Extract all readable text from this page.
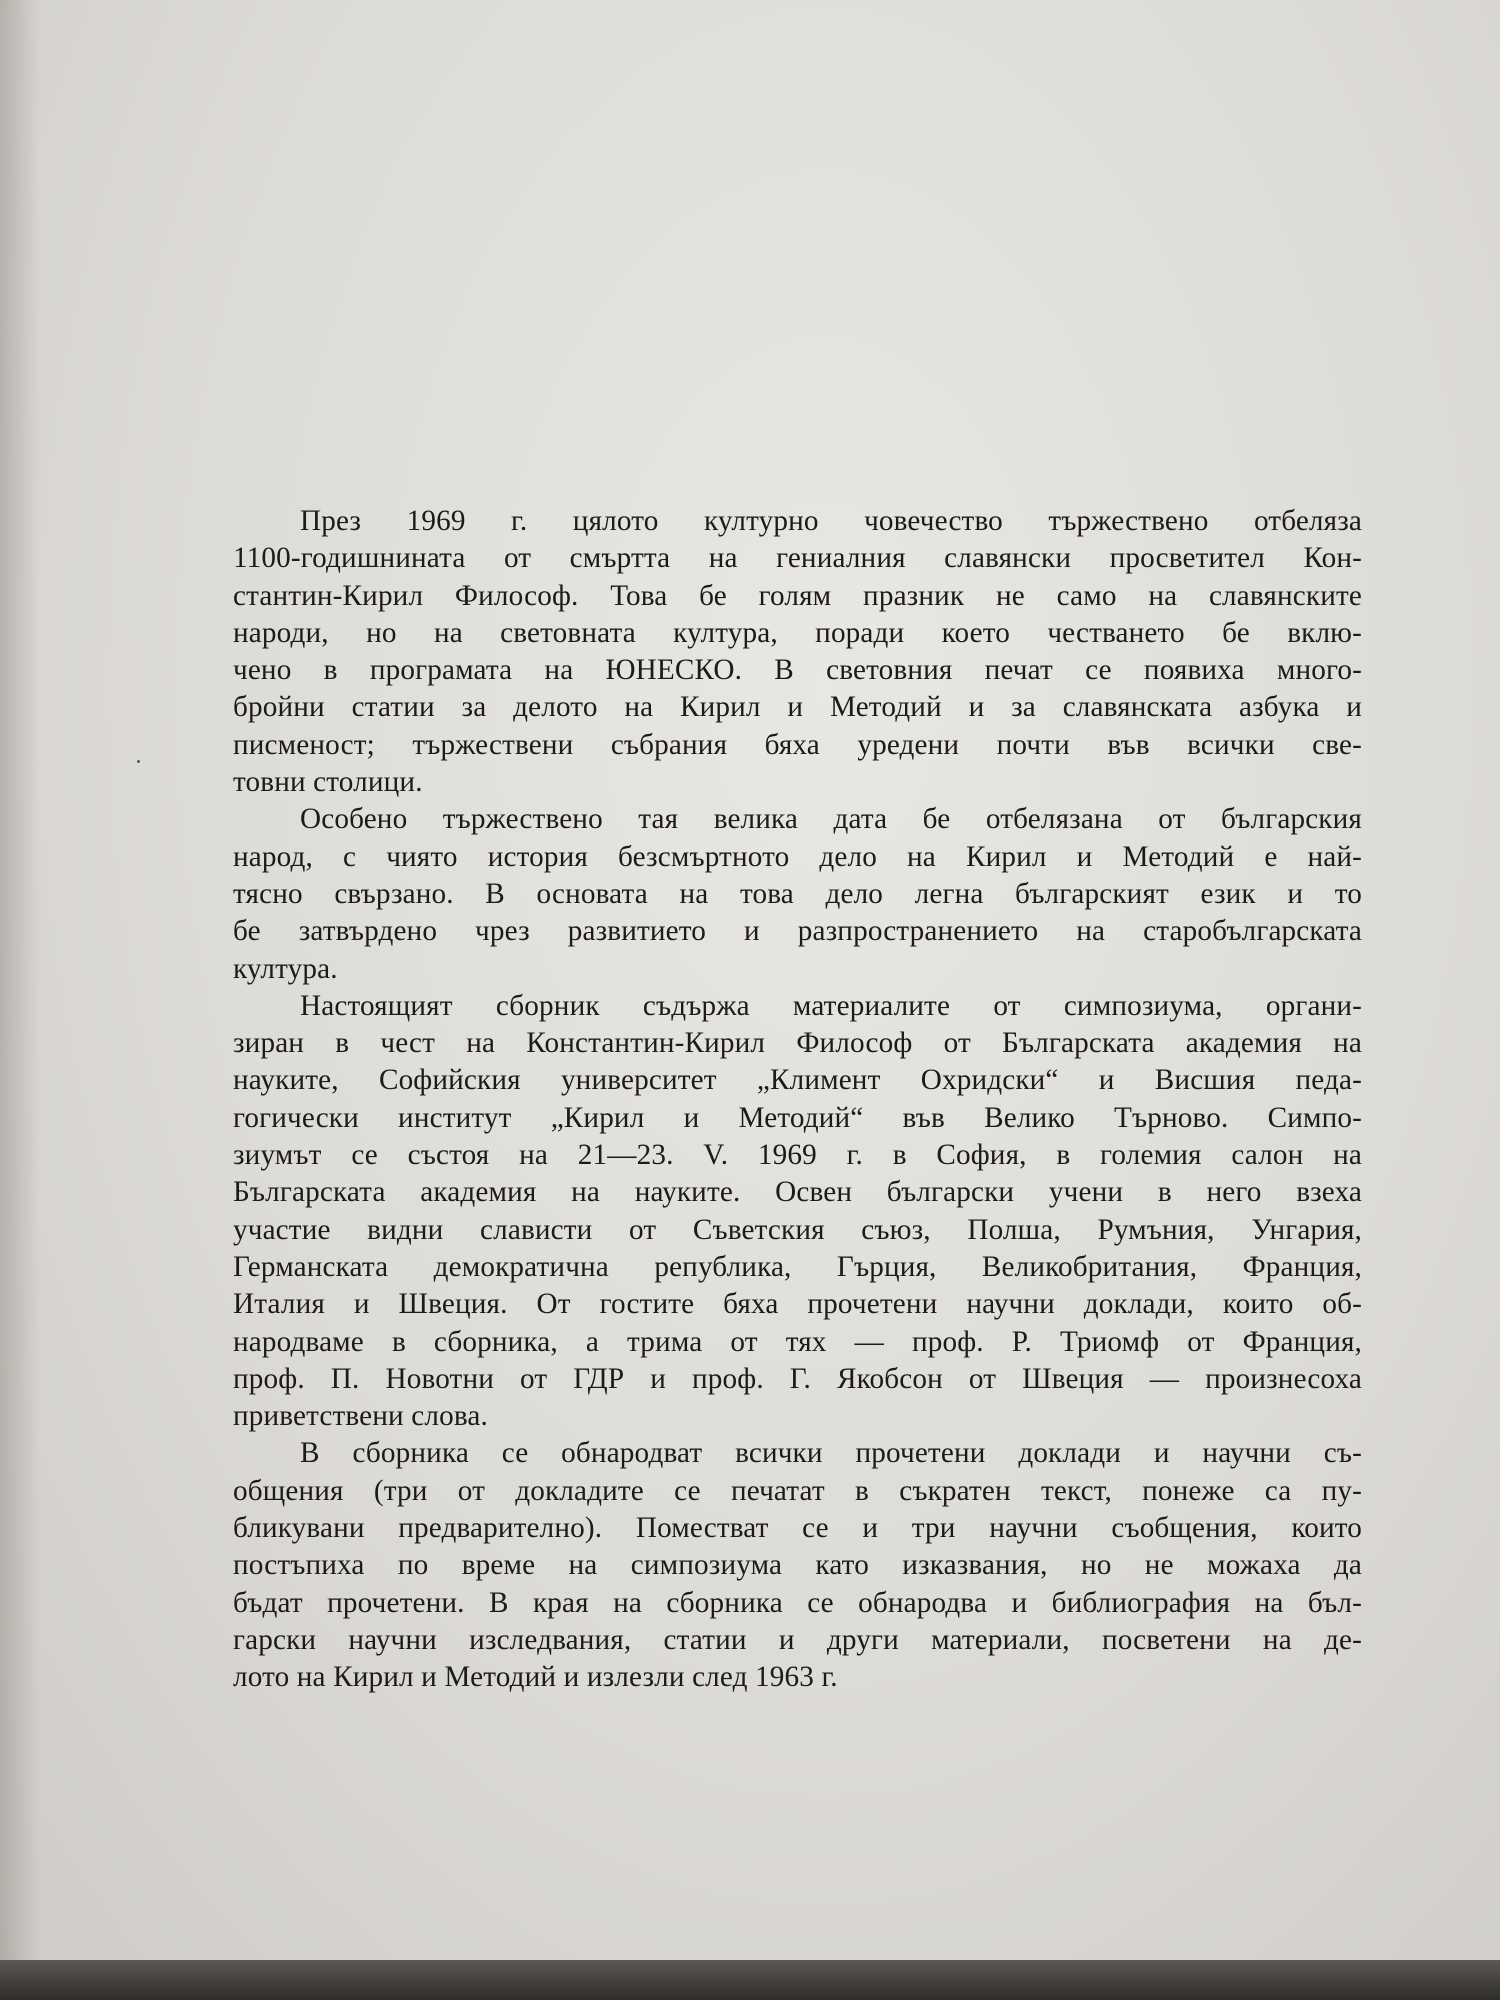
През 1969 г. цялото културно човечество тържествено отбеляза
1100-годишнината от смъртта на гениалния славянски просветител Кон-
стантин-Кирил Философ. Това бе голям празник не само на славянските
народи, но на световната култура, поради което честването бе вклю-
чено в програмата на ЮНЕСКО. В световния печат се появиха много-
бройни статии за делото на Кирил и Методий и за славянската азбука и
писменост; тържествени събрания бяха уредени почти във всички све-
товни столици.

Особено тържествено тая велика дата бе отбелязана от българския
народ, с чиято история безсмъртното дело на Кирил и Методий е най-
тясно свързано. В основата на това дело легна българският език и то
бе затвърдено чрез развитието и разпространението на старобългарската
култура.

Настоящият сборник съдържа материалите от симпозиума, органи-
зиран в чест на Константин-Кирил Философ от Българската академия на
науките, Софийския университет „Климент Охридски“ и Висшия педа-
гогически институт „Кирил и Методий“ във Велико Търново. Симпо-
зиумът се състоя на 21—23. V. 1969 г. в София, в големия салон на
Българската академия на науките. Освен български учени в него взеха
участие видни слависти от Съветския съюз, Полша, Румъния, Унгария,
Германската демократична република, Гърция, Великобритания, Франция,
Италия и Швеция. От гостите бяха прочетени научни доклади, които об-
народваме в сборника, а трима от тях — проф. Р. Триомф от Франция,
проф. П. Новотни от ГДР и проф. Г. Якобсон от Швеция — произнесоха
приветствени слова.

В сборника се обнародват всички прочетени доклади и научни съ-
общения (три от докладите се печатат в съкратен текст, понеже са пу-
бликувани предварително). Поместват се и три научни съобщения, които
постъпиха по време на симпозиума като изказвания, но не можаха да
бъдат прочетени. В края на сборника се обнародва и библиография на бъл-
гарски научни изследвания, статии и други материали, посветени на де-
лото на Кирил и Методий и излезли след 1963 г.
